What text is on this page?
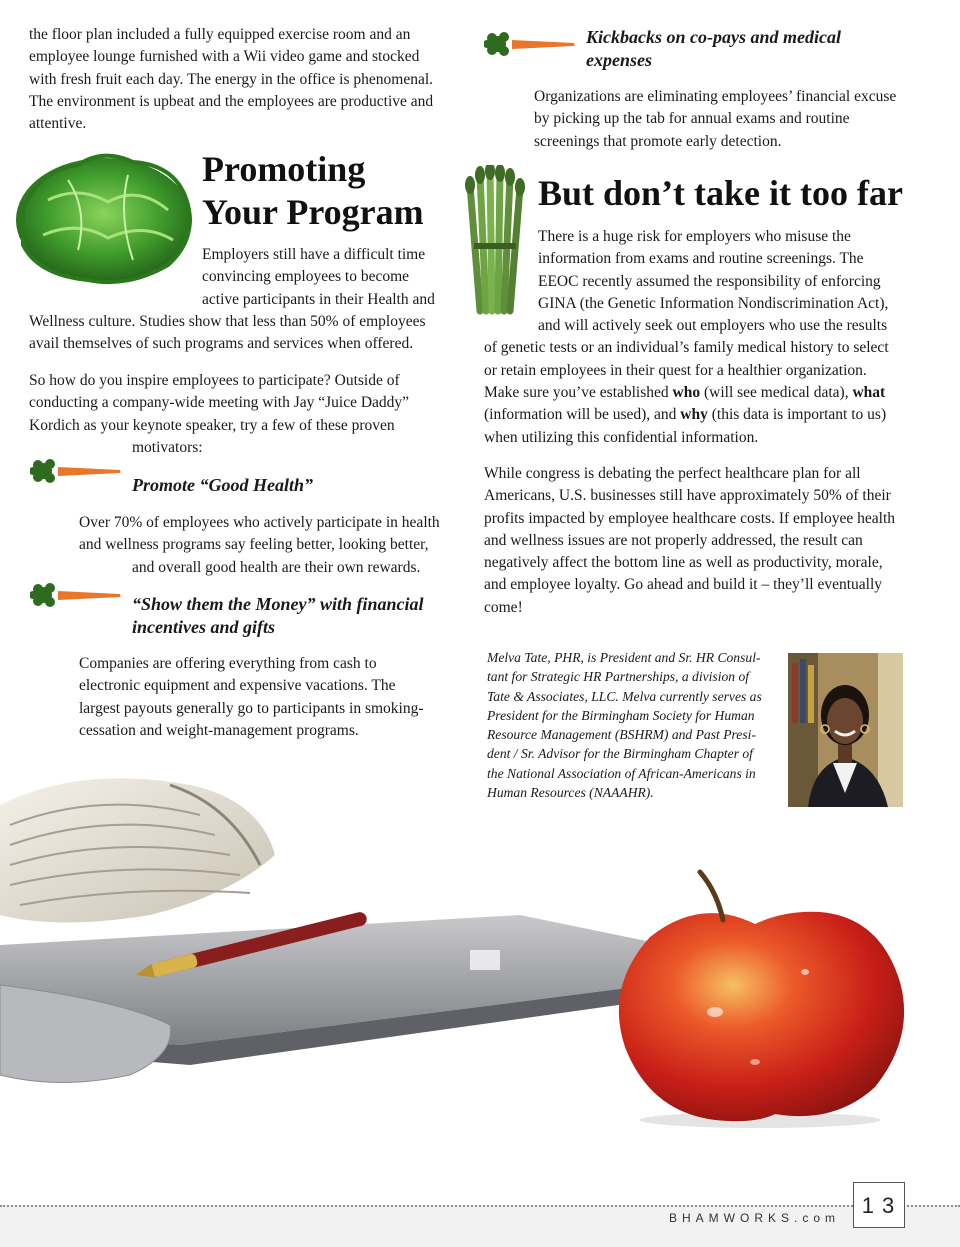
the floor plan included a fully equipped exercise room and an
employee lounge furnished with a Wii video game and stocked
with fresh fruit each day. The energy in the office is phenomenal.
The environment is upbeat and the employees are productive and
attentive.

Promoting
Your Program

Employers still have a difficult time
convincing employees to become
active participants in their Health and
Wellness culture. Studies show that less than 50% of employees
avail themselves of such programs and services when offered.

So how do you inspire employees to participate? Outside of
conducting a company-wide meeting with Jay “Juice Daddy”
Kordich as your keynote speaker, try a few of these proven
motivators:

Promote “Good Health”

Over 70% of employees who actively participate in health
and wellness programs say feeling better, looking better,
and overall good health are their own rewards.

“Show them the Money” with financial
incentives and gifts

Companies are offering everything from cash to
electronic equipment and expensive vacations. The
largest payouts generally go to participants in smoking-
cessation and weight-management programs.

Kickbacks on co-pays and medical
expenses

Organizations are eliminating employees’ financial excuse
by picking up the tab for annual exams and routine
screenings that promote early detection.

But don’t take it too far

There is a huge risk for employers who misuse the
information from exams and routine screenings. The
EEOC recently assumed the responsibility of enforcing
GINA (the Genetic Information Nondiscrimination Act),
and will actively seek out employers who use the results
of genetic tests or an individual’s family medical history to select
or retain employees in their quest for a healthier organization.
Make sure you’ve established who (will see medical data), what
(information will be used), and why (this data is important to us)
when utilizing this confidential information.

While congress is debating the perfect healthcare plan for all
Americans, U.S. businesses still have approximately 50% of their
profits impacted by employee healthcare costs. If employee health
and wellness issues are not properly addressed, the result can
negatively affect the bottom line as well as productivity, morale,
and employee loyalty. Go ahead and build it – they’ll eventually
come!

Melva Tate, PHR, is President and Sr. HR Consul-
tant for Strategic HR Partnerships, a division of
Tate & Associates, LLC. Melva currently serves as
President for the Birmingham Society for Human
Resource Management (BSHRM) and Past Presi-
dent / Sr. Advisor for the Birmingham Chapter of
the National Association of African-Americans in
Human Resources (NAAAHR).

BHAMWORKS.com 13
